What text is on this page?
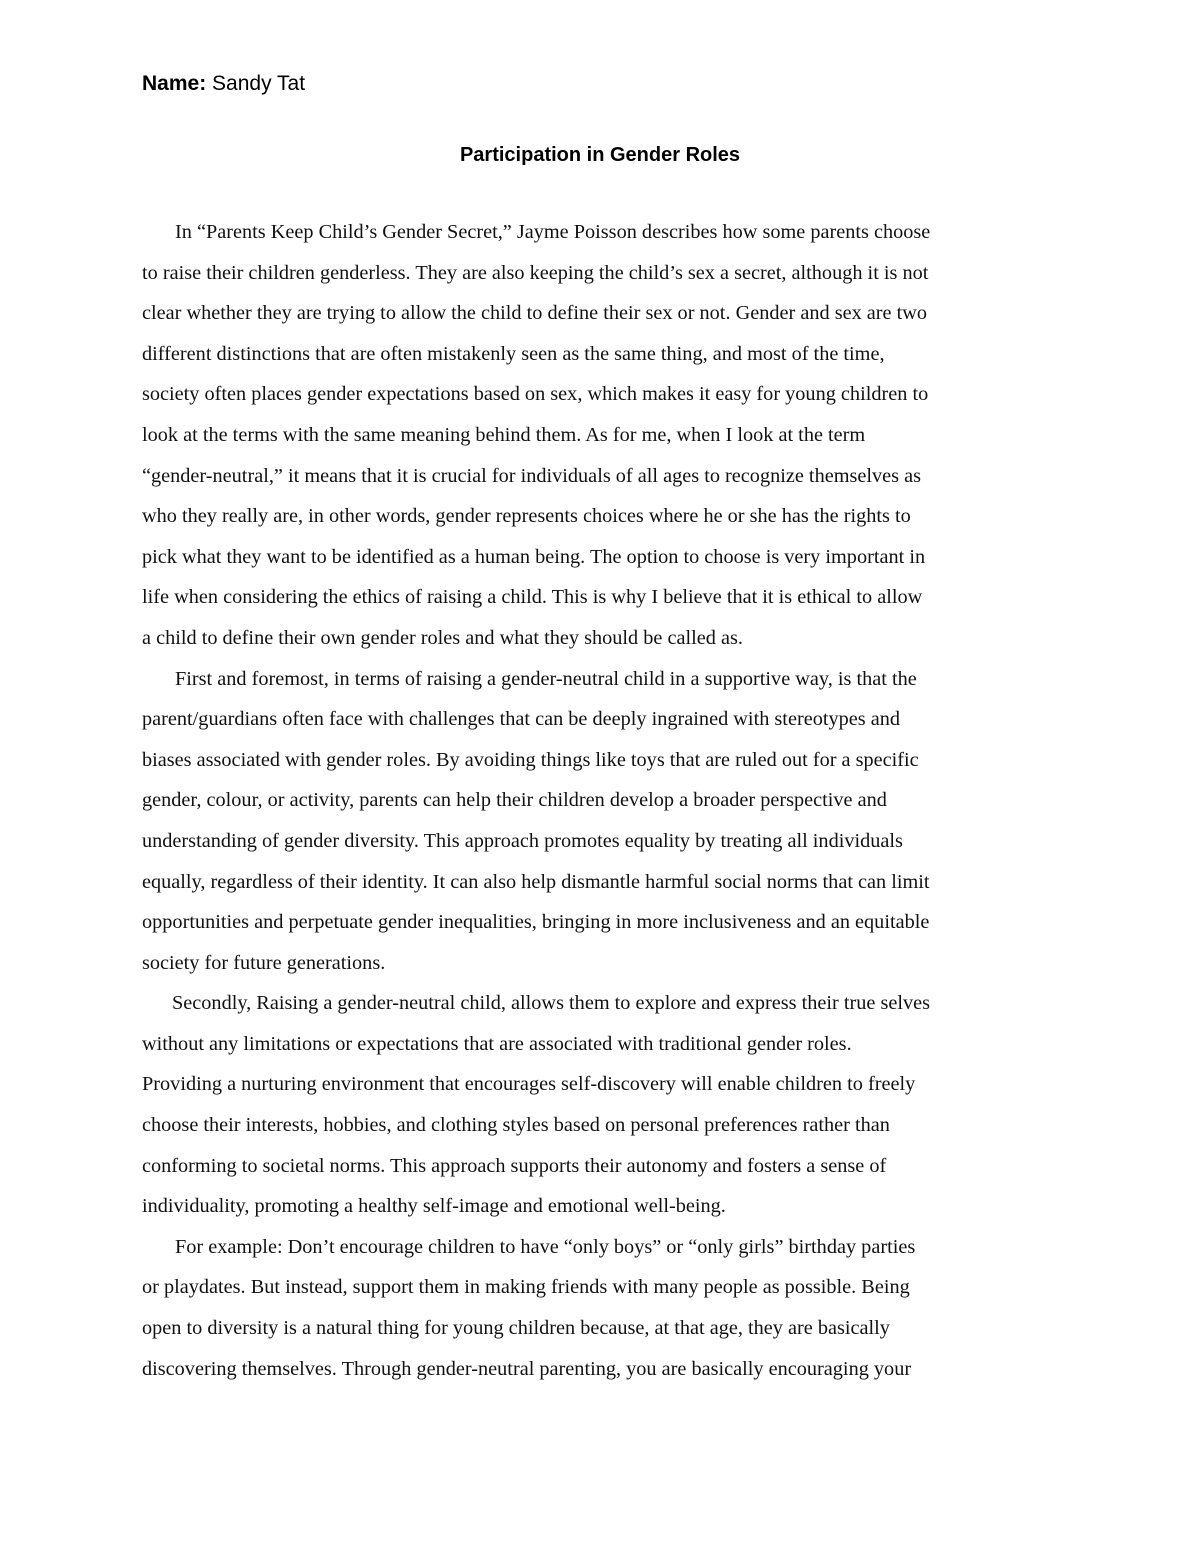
Name: Sandy Tat
Participation in Gender Roles
In “Parents Keep Child’s Gender Secret,” Jayme Poisson describes how some parents choose
to raise their children genderless. They are also keeping the child’s sex a secret, although it is not
clear whether they are trying to allow the child to define their sex or not. Gender and sex are two
different distinctions that are often mistakenly seen as the same thing, and most of the time,
society often places gender expectations based on sex, which makes it easy for young children to
look at the terms with the same meaning behind them. As for me, when I look at the term
“gender-neutral,” it means that it is crucial for individuals of all ages to recognize themselves as
who they really are, in other words, gender represents choices where he or she has the rights to
pick what they want to be identified as a human being. The option to choose is very important in
life when considering the ethics of raising a child. This is why I believe that it is ethical to allow
a child to define their own gender roles and what they should be called as.
First and foremost, in terms of raising a gender-neutral child in a supportive way, is that the
parent/guardians often face with challenges that can be deeply ingrained with stereotypes and
biases associated with gender roles. By avoiding things like toys that are ruled out for a specific
gender, colour, or activity, parents can help their children develop a broader perspective and
understanding of gender diversity. This approach promotes equality by treating all individuals
equally, regardless of their identity. It can also help dismantle harmful social norms that can limit
opportunities and perpetuate gender inequalities, bringing in more inclusiveness and an equitable
society for future generations.
Secondly, Raising a gender-neutral child, allows them to explore and express their true selves
without any limitations or expectations that are associated with traditional gender roles.
Providing a nurturing environment that encourages self-discovery will enable children to freely
choose their interests, hobbies, and clothing styles based on personal preferences rather than
conforming to societal norms. This approach supports their autonomy and fosters a sense of
individuality, promoting a healthy self-image and emotional well-being.
For example: Don’t encourage children to have “only boys” or “only girls” birthday parties
or playdates. But instead, support them in making friends with many people as possible. Being
open to diversity is a natural thing for young children because, at that age, they are basically
discovering themselves. Through gender-neutral parenting, you are basically encouraging your
